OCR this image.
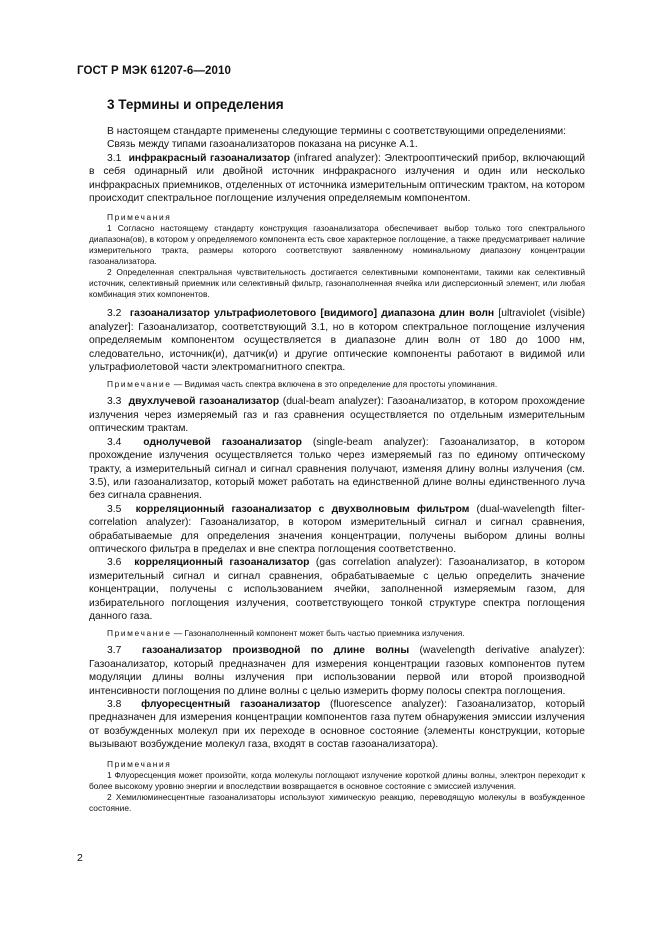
ГОСТ Р МЭК 61207-6—2010
3 Термины и определения

В настоящем стандарте применены следующие термины с соответствующими определениями:

Связь между типами газоанализаторов показана на рисунке А.1.

3.1 инфракрасный газоанализатор (infrared analyzer): Электрооптический прибор, включающий в себя одинарный или двойной источник инфракрасного излучения и один или несколько инфракрасных приемников, отделенных от источника измерительным оптическим трактом, на котором происходит спектральное поглощение излучения определяемым компонентом.

Примечания

1 Согласно настоящему стандарту конструкция газоанализатора обеспечивает выбор только того спектрального диапазона(ов), в котором у определяемого компонента есть свое характерное поглощение, а также предусматривает наличие измерительного тракта, размеры которого соответствуют заявленному номинальному диапазону концентрации газоанализатора.

2 Определенная спектральная чувствительность достигается селективными компонентами, такими как селективный источник, селективный приемник или селективный фильтр, газонаполненная ячейка или дисперсионный элемент, или любая комбинация этих компонентов.

3.2 газоанализатор ультрафиолетового [видимого] диапазона длин волн [ultraviolet (visible) analyzer]: Газоанализатор, соответствующий 3.1, но в котором спектральное поглощение излучения определяемым компонентом осуществляется в диапазоне длин волн от 180 до 1000 нм, следовательно, источник(и), датчик(и) и другие оптические компоненты работают в видимой или ультрафиолетовой части электромагнитного спектра.

Примечание — Видимая часть спектра включена в это определение для простоты упоминания.

3.3 двухлучевой газоанализатор (dual-beam analyzer): Газоанализатор, в котором прохождение излучения через измеряемый газ и газ сравнения осуществляется по отдельным измерительным оптическим трактам.

3.4 однолучевой газоанализатор (single-beam analyzer): Газоанализатор, в котором прохождение излучения осуществляется только через измеряемый газ по единому оптическому тракту, а измерительный сигнал и сигнал сравнения получают, изменяя длину волны излучения (см. 3.5), или газоанализатор, который может работать на единственной длине волны единственного луча без сигнала сравнения.

3.5 корреляционный газоанализатор с двухволновым фильтром (dual-wavelength filter-correlation analyzer): Газоанализатор, в котором измерительный сигнал и сигнал сравнения, обрабатываемые для определения значения концентрации, получены выбором длины волны оптического фильтра в пределах и вне спектра поглощения соответственно.

3.6 корреляционный газоанализатор (gas correlation analyzer): Газоанализатор, в котором измерительный сигнал и сигнал сравнения, обрабатываемые с целью определить значение концентрации, получены с использованием ячейки, заполненной измеряемым газом, для избирательного поглощения излучения, соответствующего тонкой структуре спектра поглощения данного газа.

Примечание — Газонаполненный компонент может быть частью приемника излучения.

3.7 газоанализатор производной по длине волны (wavelength derivative analyzer): Газоанализатор, который предназначен для измерения концентрации газовых компонентов путем модуляции длины волны излучения при использовании первой или второй производной интенсивности поглощения по длине волны с целью измерить форму полосы спектра поглощения.

3.8 флуоресцентный газоанализатор (fluorescence analyzer): Газоанализатор, который предназначен для измерения концентрации компонентов газа путем обнаружения эмиссии излучения от возбужденных молекул при их переходе в основное состояние (элементы конструкции, которые вызывают возбуждение молекул газа, входят в состав газоанализатора).

Примечания

1 Флуоресценция может произойти, когда молекулы поглощают излучение короткой длины волны, электрон переходит к более высокому уровню энергии и впоследствии возвращается в основное состояние с эмиссией излучения.

2 Хемилюминесцентные газоанализаторы используют химическую реакцию, переводящую молекулы в возбужденное состояние.

2
